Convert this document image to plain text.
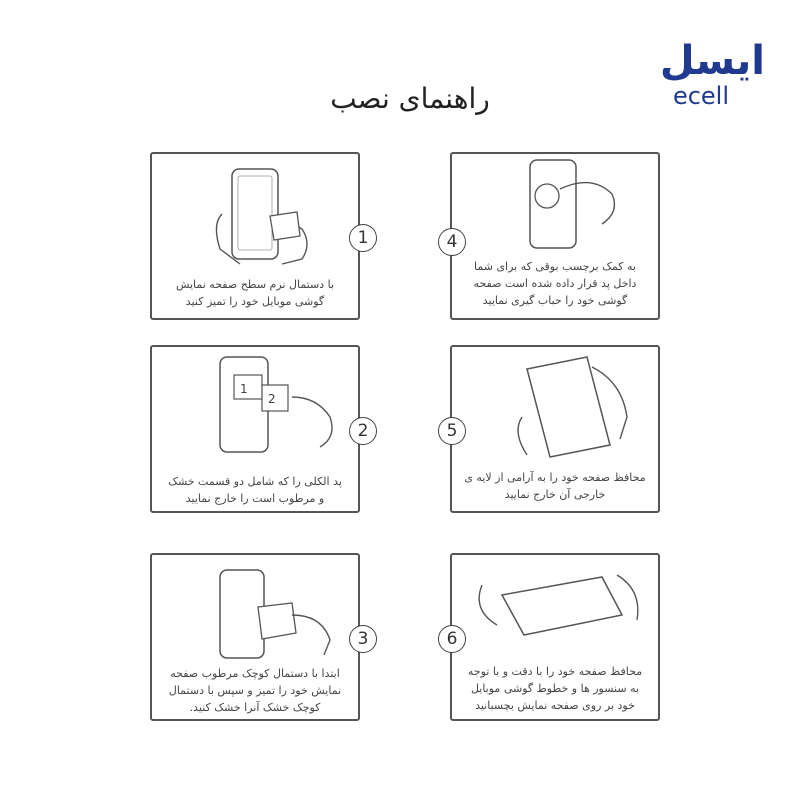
ایسل
ecell
راهنمای نصب
با دستمال نرم سطح صفحه نمایش
گوشی موبایل خود را تمیز کنید
1
1
2
پد الکلی را که شامل دو قسمت خشک
و مرطوب است را خارج نمایید
2
ابتدا با دستمال کوچک مرطوب صفحه
نمایش خود را تمیز و سپس با دستمال
کوچک خشک آنرا خشک کنید.
3
به کمک برچسب بوقی که برای شما
داخل پد قرار داده شده است صفحه
گوشی خود را حباب گیری نمایید
4
محافظ صفحه خود را به آرامی از لایه ی
خارجی آن خارج نمایید
5
محافظ صفحه خود را با دقت و با توجه
به سنسور ها و خطوط گوشی موبایل
خود بر روی صفحه نمایش بچسبانید
6
